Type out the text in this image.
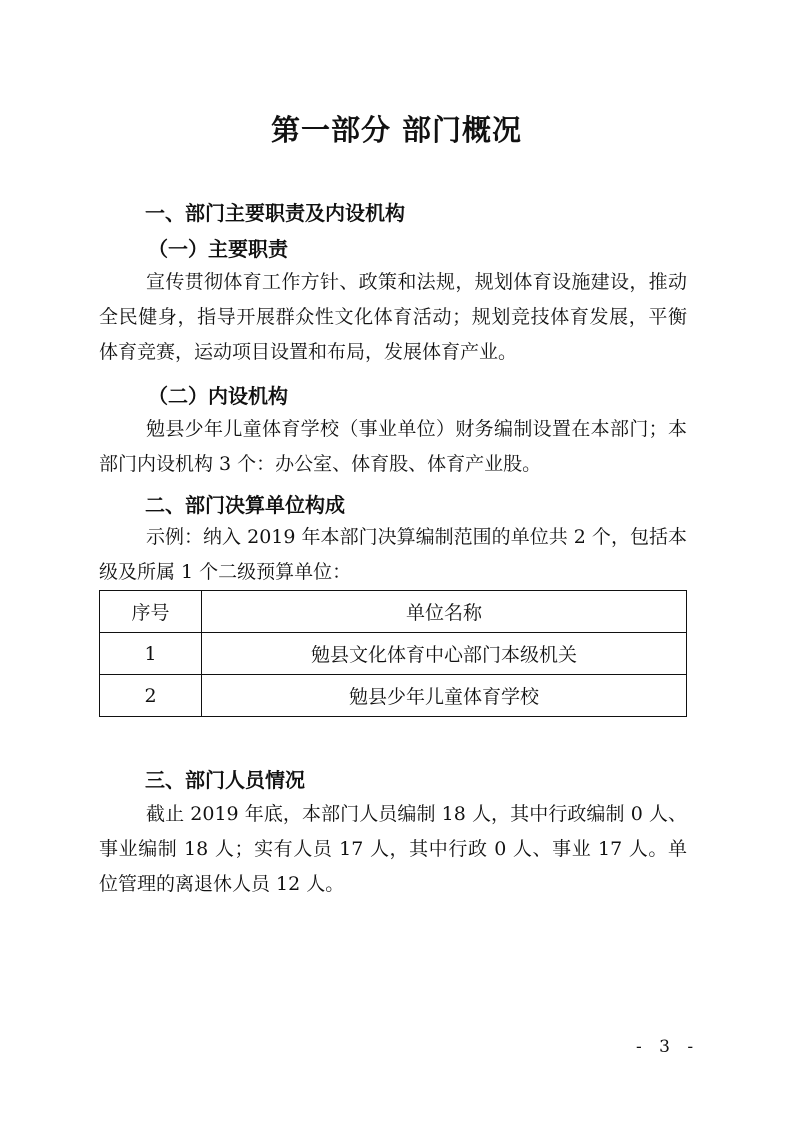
第一部分 部门概况
一、部门主要职责及内设机构
（一）主要职责

宣传贯彻体育工作方针、政策和法规，规划体育设施建设，推动全民健身，指导开展群众性文化体育活动；规划竞技体育发展，平衡体育竞赛，运动项目设置和布局，发展体育产业。

（二）内设机构

勉县少年儿童体育学校（事业单位）财务编制设置在本部门；本部门内设机构 3 个：办公室、体育股、体育产业股。

二、部门决算单位构成

示例：纳入 2019 年本部门决算编制范围的单位共 2 个，包括本级及所属 1 个二级预算单位：

序号	单位名称
1	勉县文化体育中心部门本级机关
2	勉县少年儿童体育学校
三、部门人员情况

截止 2019 年底，本部门人员编制 18 人，其中行政编制 0 人、事业编制 18 人；实有人员 17 人，其中行政 0 人、事业 17 人。单位管理的离退休人员 12 人。

- 3 -
